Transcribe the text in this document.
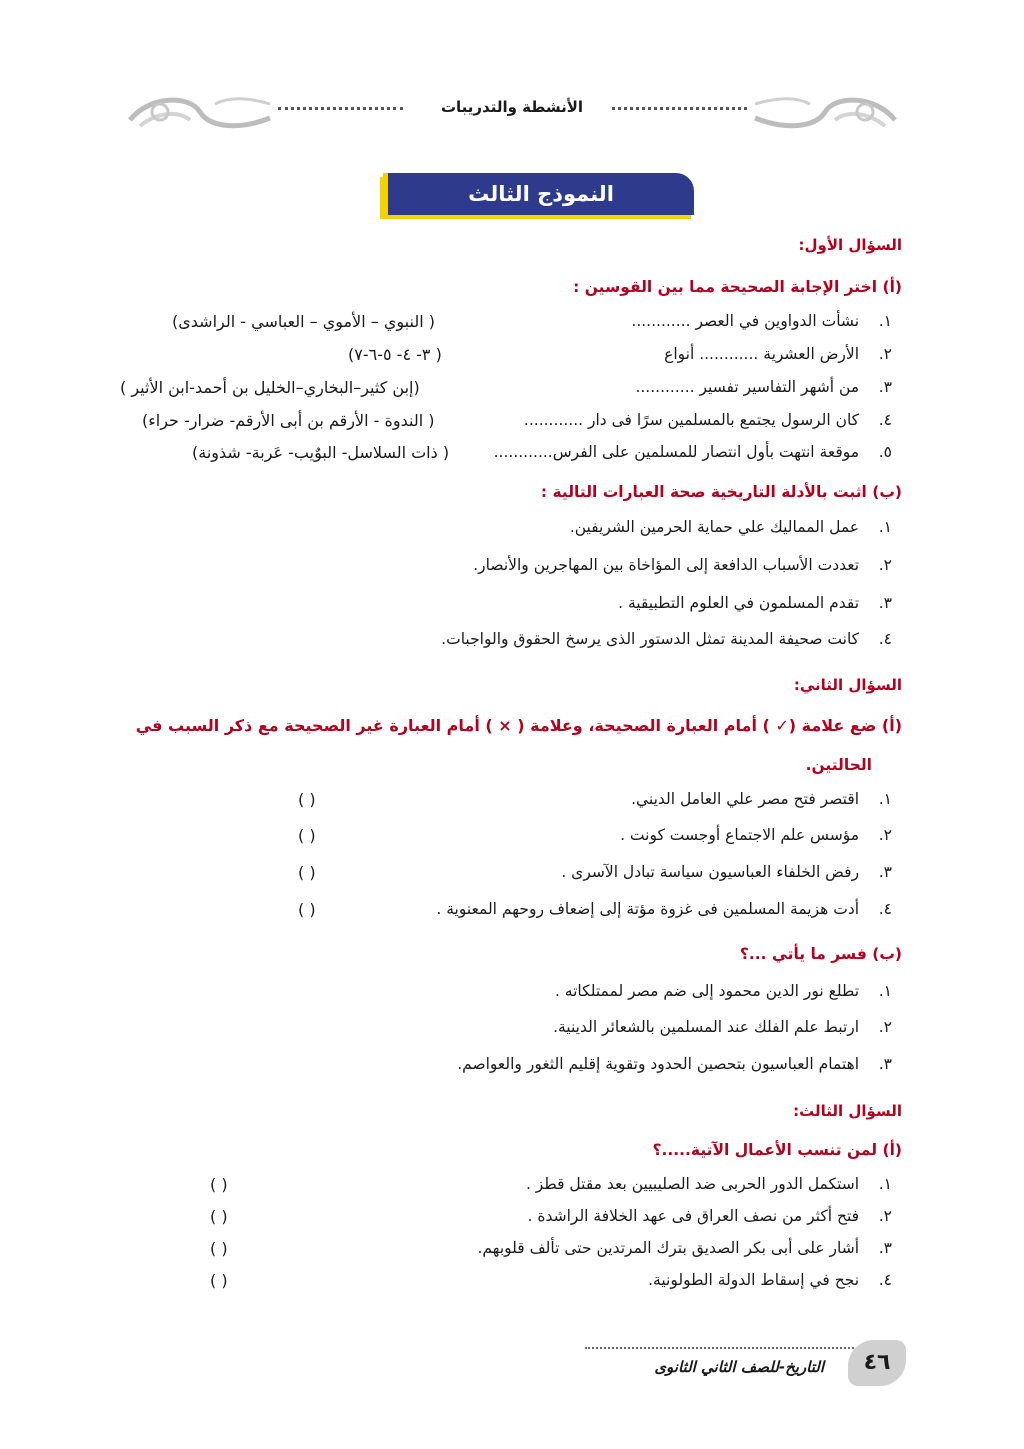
الأنشطة والتدريبات
النموذج الثالث
السؤال الأول:
(أ) اختر الإجابة الصحيحة مما بين القوسين :
١. نشأت الدواوين في العصر ............
( النبوي – الأموي – العباسي - الراشدى)
٢. الأرض العشرية ............ أنواع
( ٣- ٤- ٥-٦-٧)
٣. من أشهر التفاسير تفسير ............
(إبن كثير–البخاري–الخليل بن أحمد-ابن الأثير )
٤. كان الرسول يجتمع بالمسلمين سرًا فى دار ............
( الندوة - الأرقم بن أبى الأرقم- ضرار- حراء)
٥. موقعة انتهت بأول انتصار للمسلمين على الفرس............
( ذات السلاسل- البوٌيب- عَربة- شذونة)
(ب) اثبت بالأدلة التاريخية صحة العبارات التالية :
١. عمل المماليك علي حماية الحرمين الشريفين.
٢. تعددت الأسباب الدافعة إلى المؤاخاة بين المهاجرين والأنصار.
٣. تقدم المسلمون في العلوم التطبيقية .
٤. كانت صحيفة المدينة تمثل الدستور الذى يرسخ الحقوق والواجبات.
السؤال الثاني:
(أ) ضع علامة (✓ ) أمام العبارة الصحيحة، وعلامة ( × ) أمام العبارة غير الصحيحة مع ذكر السبب في
الحالتين.
١. اقتصر فتح مصر علي العامل الديني.
( )
٢. مؤسس علم الاجتماع أوجست كونت .
( )
٣. رفض الخلفاء العباسيون سياسة تبادل الآسرى .
( )
٤. أدت هزيمة المسلمين فى غزوة مؤتة إلى إضعاف روحهم المعنوية .
( )
(ب) فسر ما يأتي ...؟
١. تطلع نور الدين محمود إلى ضم مصر لممتلكاته .
٢. ارتبط علم الفلك عند المسلمين بالشعائر الدينية.
٣. اهتمام العباسيون بتحصين الحدود وتقوية إقليم الثغور والعواصم.
السؤال الثالث:
(أ) لمن تنسب الأعمال الآتية.....؟
١. استكمل الدور الحربى ضد الصليبيين بعد مقتل قطز .
( )
٢. فتح أكثر من نصف العراق فى عهد الخلافة الراشدة .
( )
٣. أشار على أبى بكر الصديق بترك المرتدين حتى تألف قلوبهم.
( )
٤. نجح في إسقاط الدولة الطولونية.
( )
التاريخ-للصف الثاني الثانوى	٤٦
